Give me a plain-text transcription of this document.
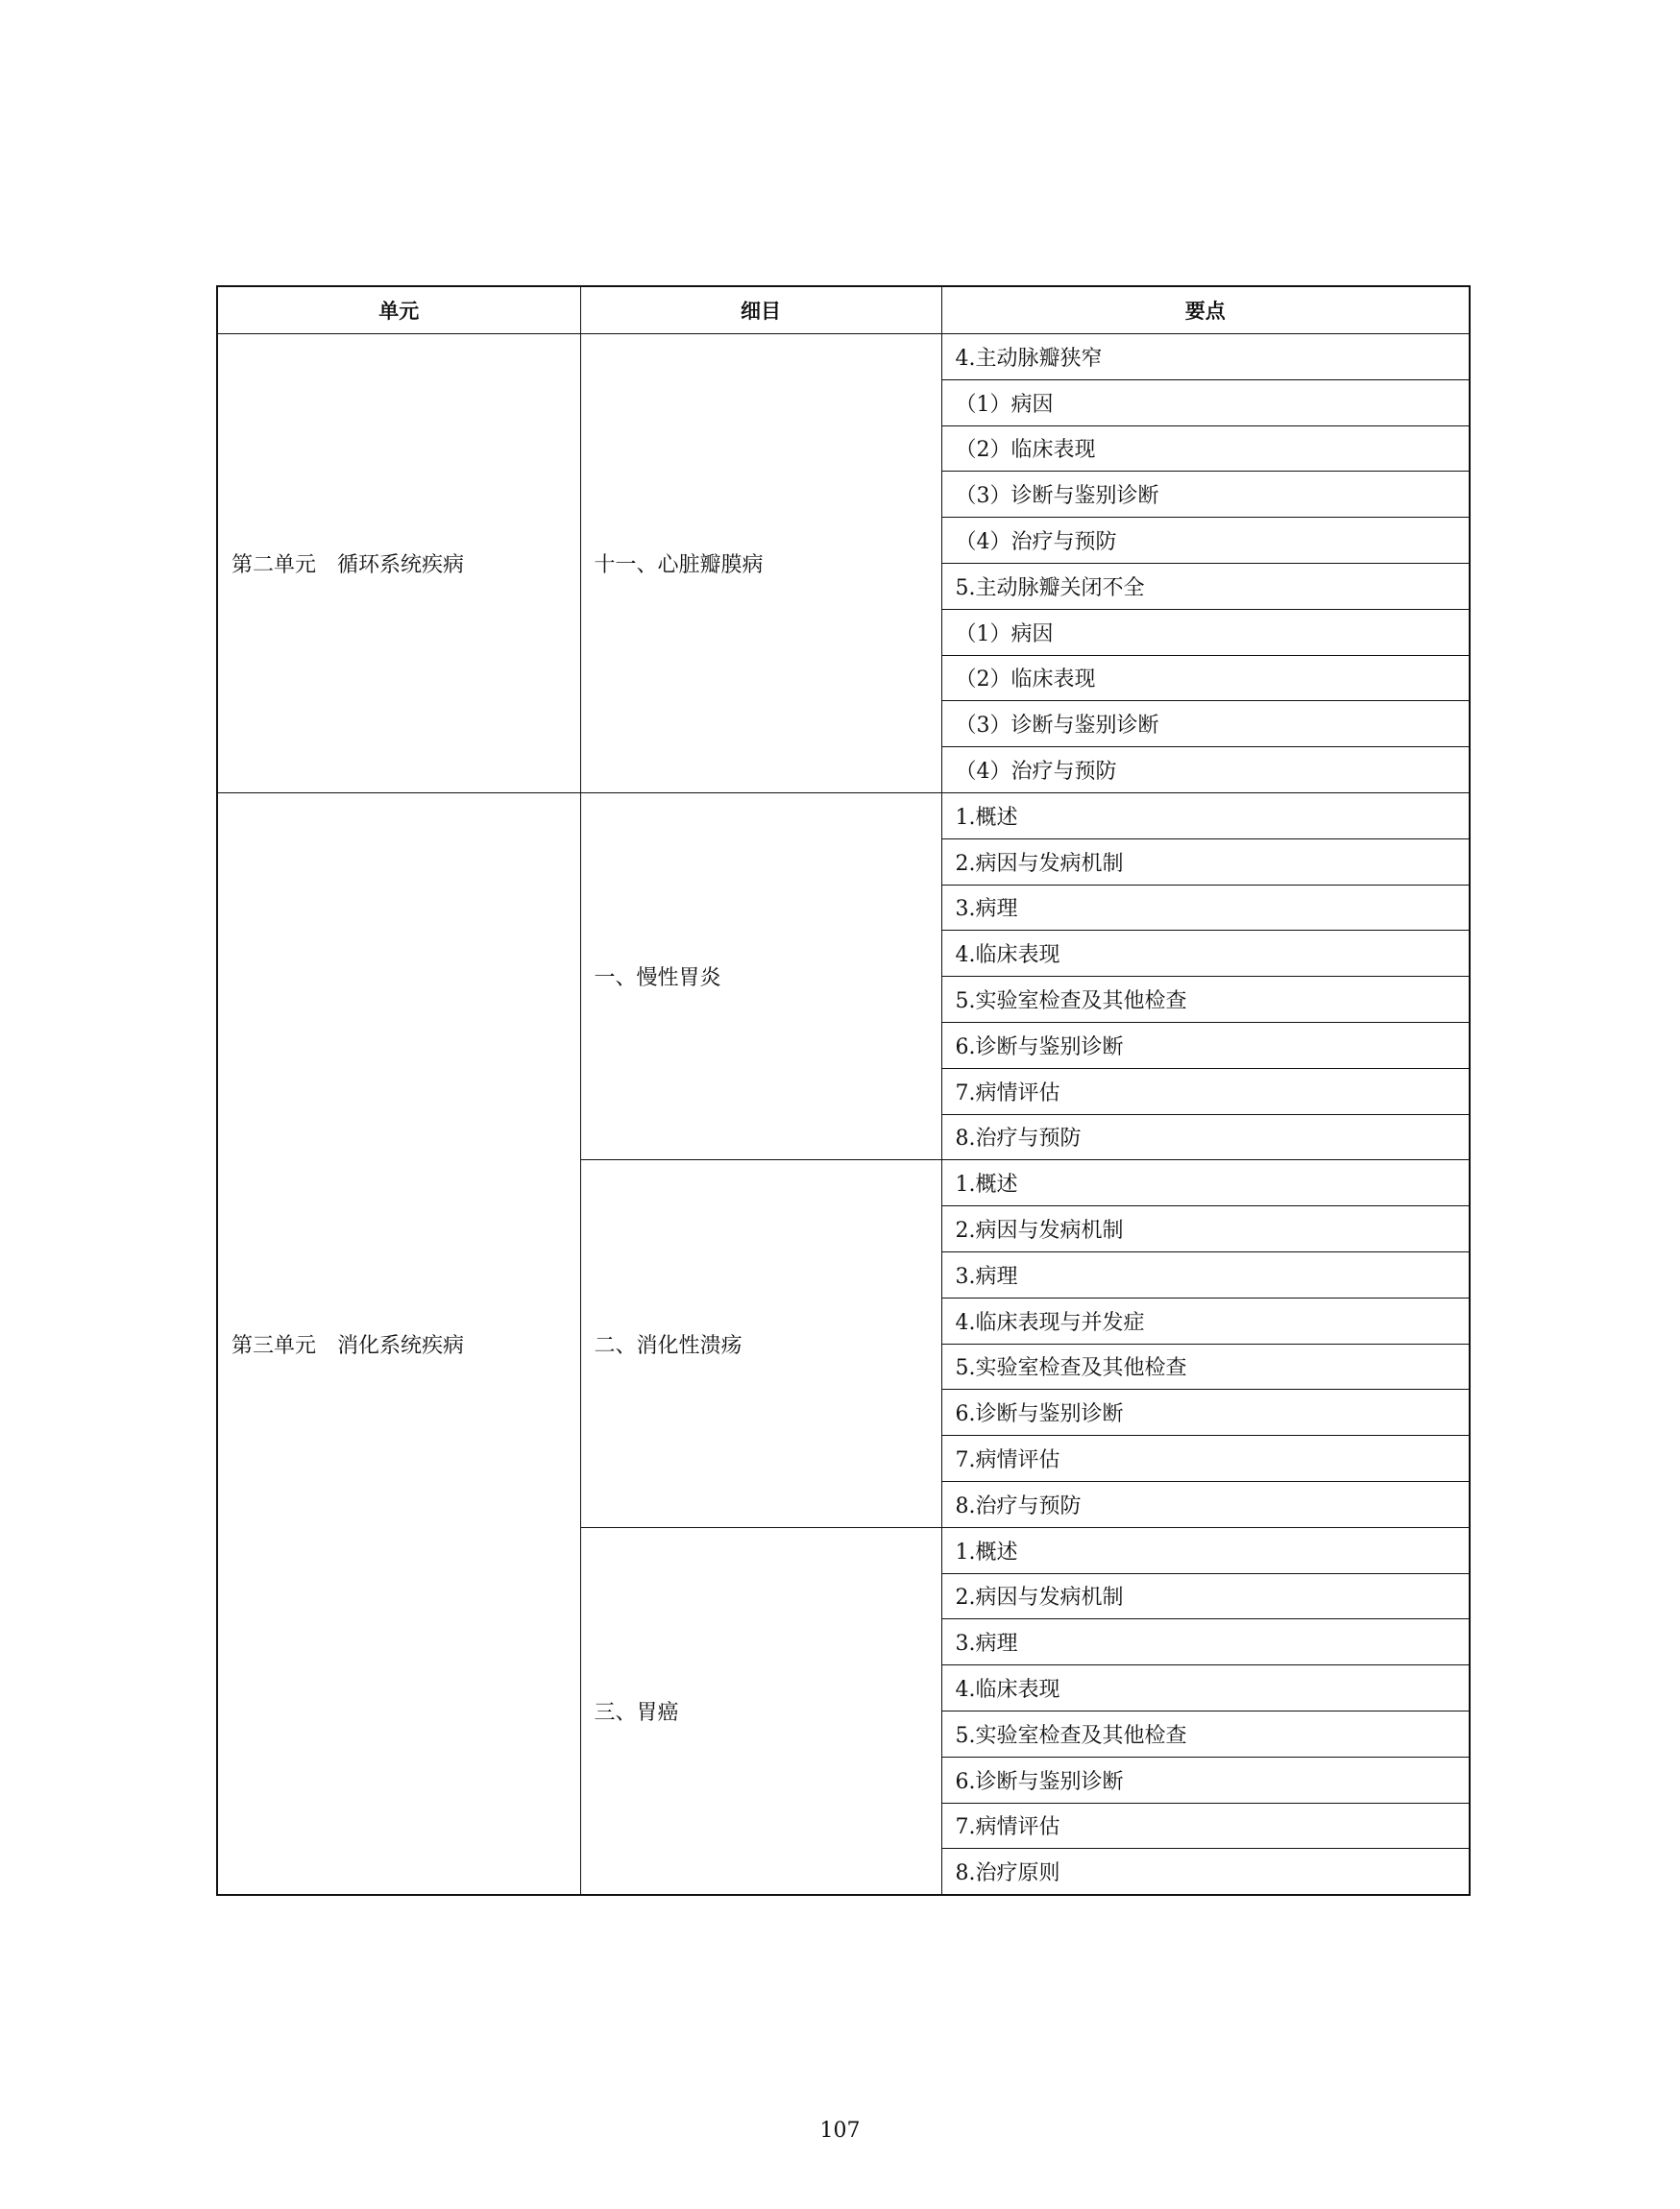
单元	细目	要点
第二单元　循环系统疾病	十一、心脏瓣膜病	4.主动脉瓣狭窄
		（1）病因
		（2）临床表现
		（3）诊断与鉴别诊断
		（4）治疗与预防
		5.主动脉瓣关闭不全
		（1）病因
		（2）临床表现
		（3）诊断与鉴别诊断
		（4）治疗与预防
第三单元　消化系统疾病	一、慢性胃炎	1.概述
		2.病因与发病机制
		3.病理
		4.临床表现
		5.实验室检查及其他检查
		6.诊断与鉴别诊断
		7.病情评估
		8.治疗与预防
	二、消化性溃疡	1.概述
		2.病因与发病机制
		3.病理
		4.临床表现与并发症
		5.实验室检查及其他检查
		6.诊断与鉴别诊断
		7.病情评估
		8.治疗与预防
	三、胃癌	1.概述
		2.病因与发病机制
		3.病理
		4.临床表现
		5.实验室检查及其他检查
		6.诊断与鉴别诊断
		7.病情评估
		8.治疗原则
107
